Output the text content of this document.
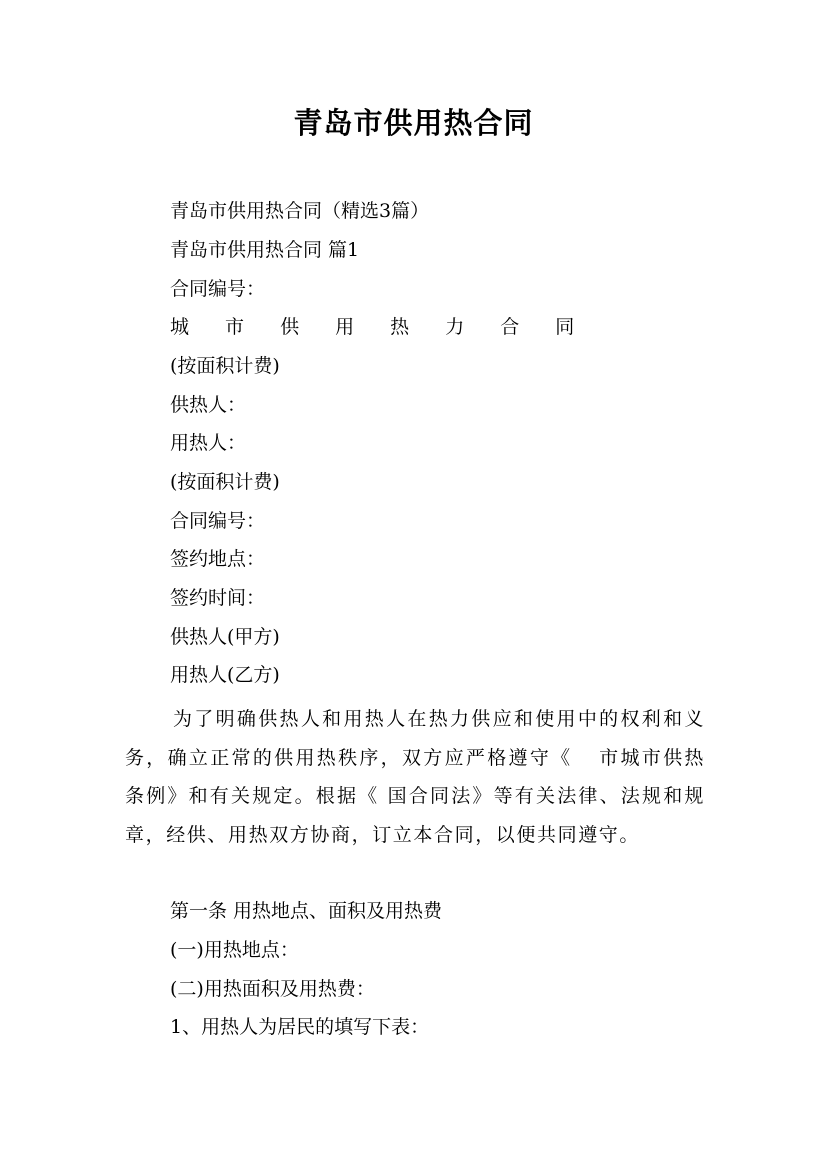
青岛市供用热合同
青岛市供用热合同（精选3篇）
青岛市供用热合同 篇1
合同编号：
城 市 供 用 热 力 合 同
(按面积计费)
供热人：
用热人：
(按面积计费)
合同编号：
签约地点：
签约时间：
供热人(甲方)
用热人(乙方)
为了明确供热人和用热人在热力供应和使用中的权利和义务，确立正常的供用热秩序，双方应严格遵守《 市城市供热条例》和有关规定。根据《 国合同法》等有关法律、法规和规章，经供、用热双方协商，订立本合同，以便共同遵守。
第一条 用热地点、面积及用热费
(一)用热地点：
(二)用热面积及用热费：
1、用热人为居民的填写下表：
